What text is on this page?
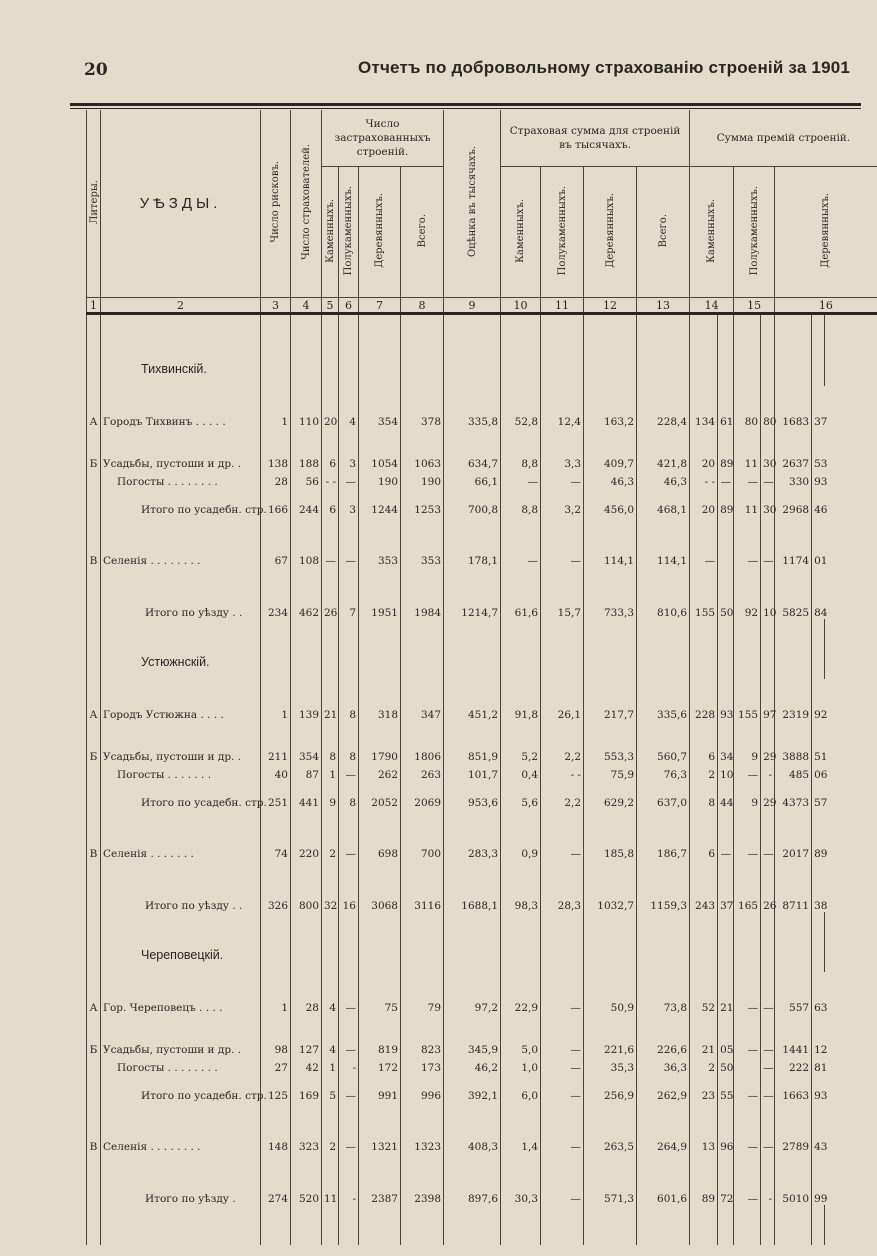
20	Отчетъ по добровольному страхованію строеній за 1901
Литеры.	УѢЗДЫ.	Число рисковъ.	Число страхователей.	Число застрахованныхъ строеній.				Оцѣнка въ тысячахъ.	Страховая сумма для строеній въ тысячахъ.				Сумма премій строеній.						
				Каменныхъ.	Полукаменныхъ.	Деревянныхъ.	Всего.		Каменныхъ.	Полукаменныхъ.	Деревянныхъ.	Всего.	Каменныхъ.		Полукаменныхъ.		Деревянныхъ.		
1	2	3	4	5	6	7	8	9	10	11	12	13	14		15		16		
	Тихвинскій.																		
А	Городъ Тихвинъ . . . . .	1	110	20	4	354	378	335,8	52,8	12,4	163,2	228,4	134	61	80	80	1683	37	
Б	Усадьбы, пустоши и др. .	138	188	6	3	1054	1063	634,7	8,8	3,3	409,7	421,8	20	89	11	30	2637	53	
	Погосты . . . . . . . .	28	56	- -	—	190	190	66,1	—	—	46,3	46,3	- -	—	—	—	330	93	
	Итого по усадебн. стр.	166	244	6	3	1244	1253	700,8	8,8	3,2	456,0	468,1	20	89	11	30	2968	46	
В	Селенія . . . . . . . .	67	108	—	—	353	353	178,1	—	—	114,1	114,1	—		—	—	1174	01	
	Итого по уѣзду . .	234	462	26	7	1951	1984	1214,7	61,6	15,7	733,3	810,6	155	50	92	10	5825	84	
	Устюжнскій.																		
А	Городъ Устюжна . . . .	1	139	21	8	318	347	451,2	91,8	26,1	217,7	335,6	228	93	155	97	2319	92	
Б	Усадьбы, пустоши и др. .	211	354	8	8	1790	1806	851,9	5,2	2,2	553,3	560,7	6	34	9	29	3888	51	
	Погосты . . . . . . .	40	87	1	—	262	263	101,7	0,4	- -	75,9	76,3	2	10	—	-	485	06	
	Итого по усадебн. стр.	251	441	9	8	2052	2069	953,6	5,6	2,2	629,2	637,0	8	44	9	29	4373	57	
В	Селенія . . . . . . .	74	220	2	—	698	700	283,3	0,9	—	185,8	186,7	6	—	—	—	2017	89	
	Итого по уѣзду . .	326	800	32	16	3068	3116	1688,1	98,3	28,3	1032,7	1159,3	243	37	165	26	8711	38	
	Череповецкій.																		
А	Гор. Череповецъ . . . .	1	28	4	—	75	79	97,2	22,9	—	50,9	73,8	52	21	—	—	557	63	
Б	Усадьбы, пустоши и др. .	98	127	4	—	819	823	345,9	5,0	—	221,6	226,6	21	05	—	—	1441	12	
	Погосты . . . . . . . .	27	42	1	-	172	173	46,2	1,0	—	35,3	36,3	2	50		—	222	81	
	Итого по усадебн. стр.	125	169	5	—	991	996	392,1	6,0	—	256,9	262,9	23	55	—	—	1663	93	
В	Селенія . . . . . . . .	148	323	2	—	1321	1323	408,3	1,4	—	263,5	264,9	13	96	—	—	2789	43	
	Итого по уѣзду .	274	520	11	-	2387	2398	897,6	30,3	—	571,3	601,6	89	72	—	-	5010	99	
